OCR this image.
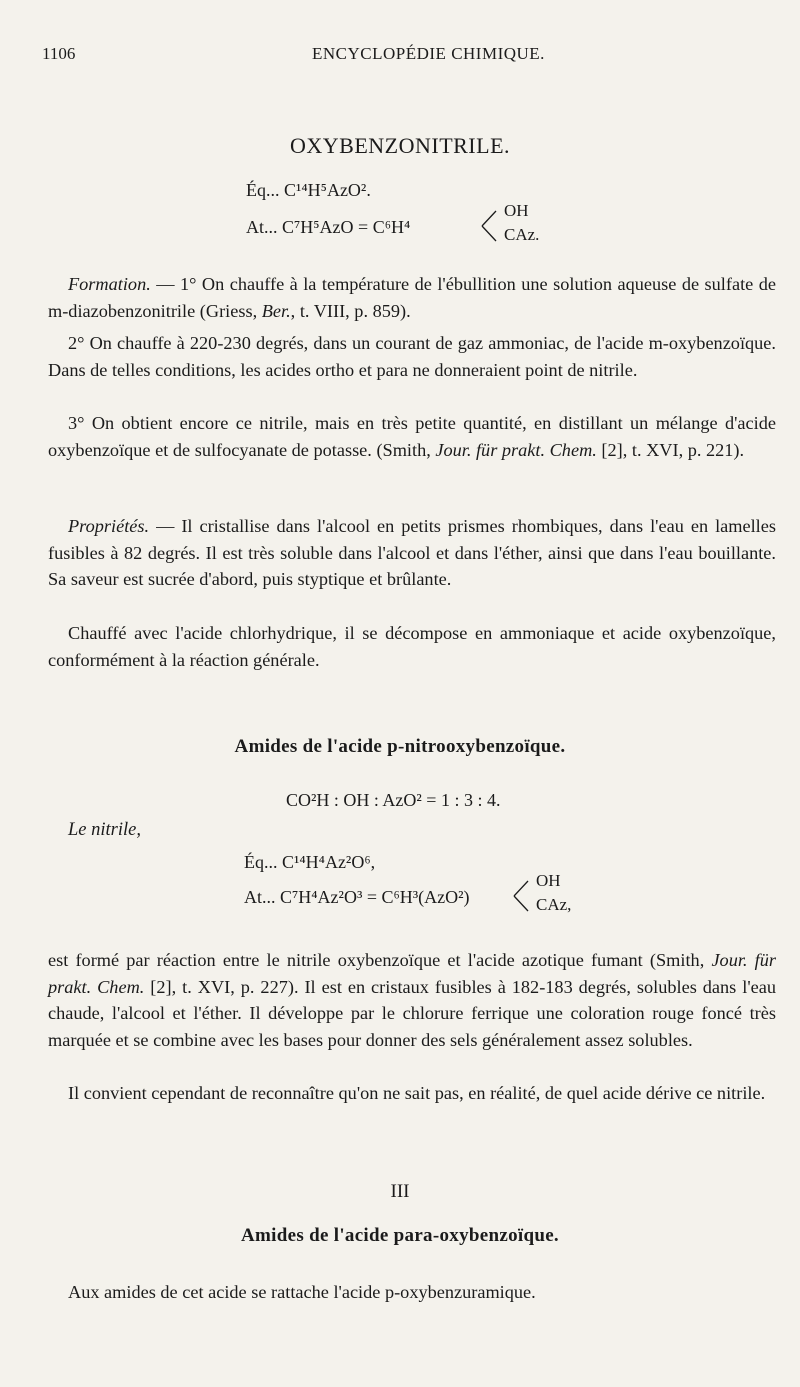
1106	ENCYCLOPÉDIE CHIMIQUE.
OXYBENZONITRILE.
Éq... C¹⁴H⁵AzO².
At... C⁷H⁵AzO = C⁶H⁴
OH
CAz.

Formation. — 1° On chauffe à la température de l'ébullition une solution aqueuse de sulfate de m-diazobenzonitrile (Griess, Ber., t. VIII, p. 859).

2° On chauffe à 220-230 degrés, dans un courant de gaz ammoniac, de l'acide m-oxybenzoïque. Dans de telles conditions, les acides ortho et para ne donneraient point de nitrile.

3° On obtient encore ce nitrile, mais en très petite quantité, en distillant un mélange d'acide oxybenzoïque et de sulfocyanate de potasse. (Smith, Jour. für prakt. Chem. [2], t. XVI, p. 221).

Propriétés. — Il cristallise dans l'alcool en petits prismes rhombiques, dans l'eau en lamelles fusibles à 82 degrés. Il est très soluble dans l'alcool et dans l'éther, ainsi que dans l'eau bouillante. Sa saveur est sucrée d'abord, puis styptique et brûlante.

Chauffé avec l'acide chlorhydrique, il se décompose en ammoniaque et acide oxybenzoïque, conformément à la réaction générale.

Amides de l'acide p-nitrooxybenzoïque.
CO²H : OH : AzO² = 1 : 3 : 4.
Le nitrile,
Éq... C¹⁴H⁴Az²O⁶,
At... C⁷H⁴Az²O³ = C⁶H³(AzO²)
OH
CAz,

est formé par réaction entre le nitrile oxybenzoïque et l'acide azotique fumant (Smith, Jour. für prakt. Chem. [2], t. XVI, p. 227). Il est en cristaux fusibles à 182-183 degrés, solubles dans l'eau chaude, l'alcool et l'éther. Il développe par le chlorure ferrique une coloration rouge foncé très marquée et se combine avec les bases pour donner des sels généralement assez solubles.

Il convient cependant de reconnaître qu'on ne sait pas, en réalité, de quel acide dérive ce nitrile.

III
Amides de l'acide para-oxybenzoïque.

Aux amides de cet acide se rattache l'acide p-oxybenzuramique.
